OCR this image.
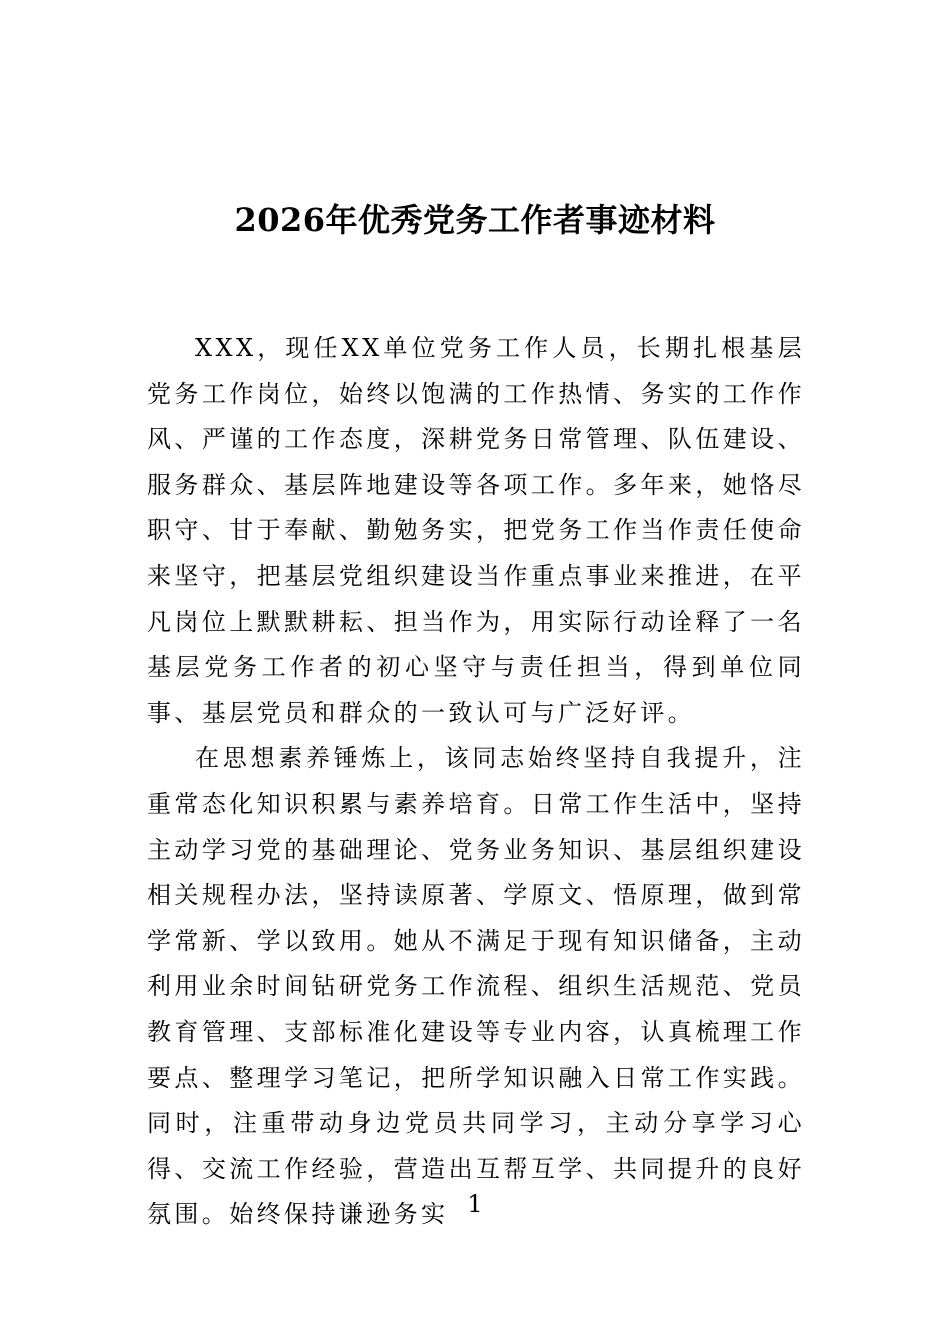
2026年优秀党务工作者事迹材料

XXX，现任XX单位党务工作人员，长期扎根基层党务工作岗位，始终以饱满的工作热情、务实的工作作风、严谨的工作态度，深耕党务日常管理、队伍建设、服务群众、基层阵地建设等各项工作。多年来，她恪尽职守、甘于奉献、勤勉务实，把党务工作当作责任使命来坚守，把基层党组织建设当作重点事业来推进，在平凡岗位上默默耕耘、担当作为，用实际行动诠释了一名基层党务工作者的初心坚守与责任担当，得到单位同事、基层党员和群众的一致认可与广泛好评。

在思想素养锤炼上，该同志始终坚持自我提升，注重常态化知识积累与素养培育。日常工作生活中，坚持主动学习党的基础理论、党务业务知识、基层组织建设相关规程办法，坚持读原著、学原文、悟原理，做到常学常新、学以致用。她从不满足于现有知识储备，主动利用业余时间钻研党务工作流程、组织生活规范、党员教育管理、支部标准化建设等专业内容，认真梳理工作要点、整理学习笔记，把所学知识融入日常工作实践。同时，注重带动身边党员共同学习，主动分享学习心得、交流工作经验，营造出互帮互学、共同提升的良好氛围。始终保持谦逊务实 1
